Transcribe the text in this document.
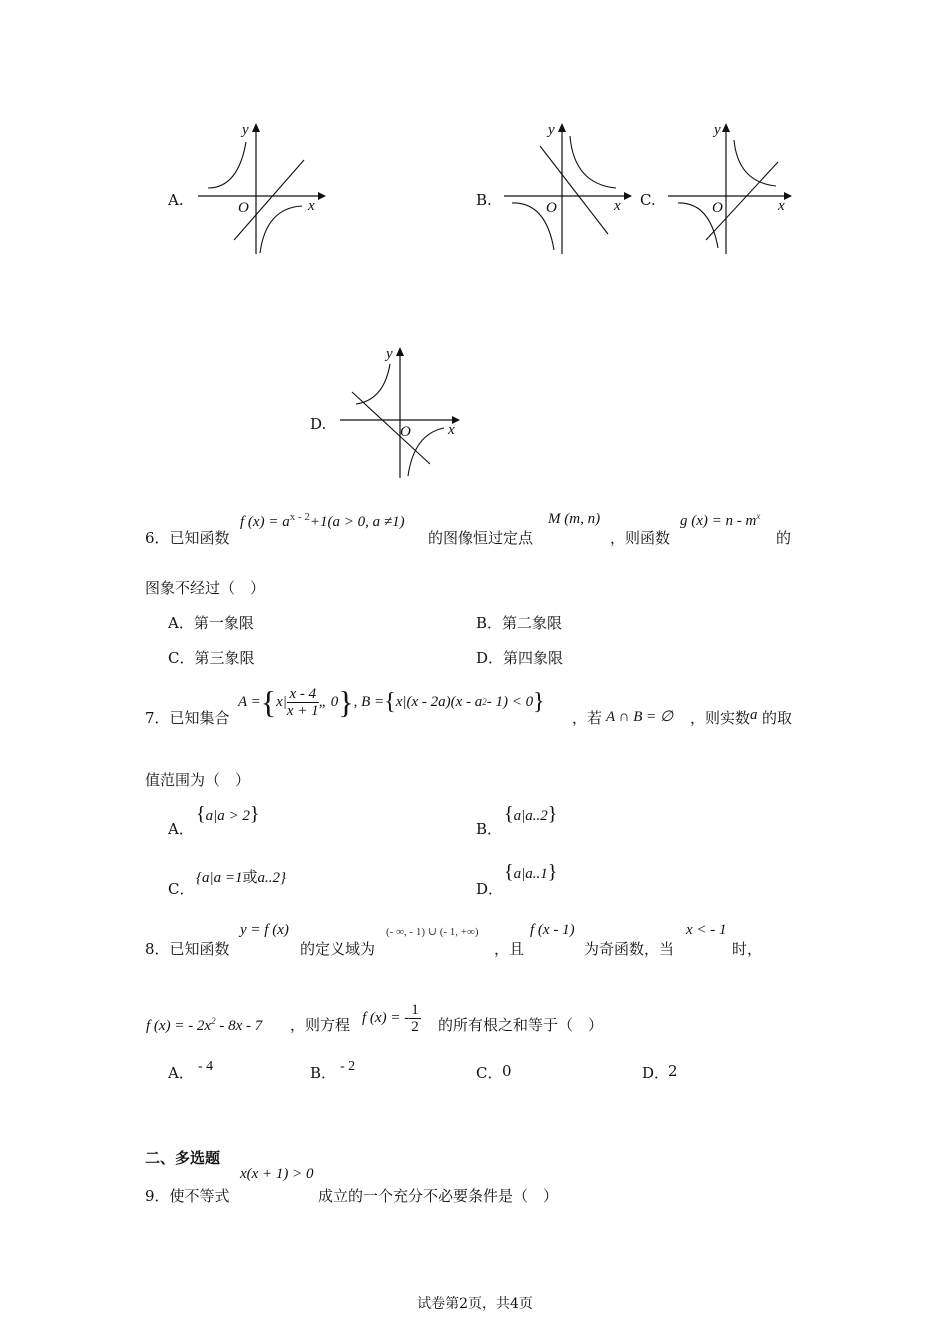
A.	O	x
y
B.	O	x
y
C.	O	x
y
D.	O x
y
6．已知函数
f $(x) = a^{x - 2}+1(a > 0$, a ≠1)
的图像恒过定点
M (m, n)
，则函数
g $(x) = n - m^x$
的
图象不经过（　）
A．第一象限	B．第二象限
C．第三象限	D．第四象限
7．已知集合
A = { $x| \frac{x - 4}{x + 1}$ „ 0 } , B = { x|(x - 2a)(x - a 2 - 1) < 0 }
，若 A ∩ B = ∅ ，则实数 a 的取
值范围为（　）
A．
{a|a > 2}
B．
{a|a..2}
C．
{a|a =1或a..2}
D．
{a|a..1}
8．已知函数
y = f (x)
的定义域为
(- ∞, - 1) ∪ (- 1, +∞)
，且
f (x - 1)
为奇函数，当
x < - 1
时，
f (x) = - $2x^2 - 8x - 7$ ，则方程 f (x) = - $\frac{1}{2}$ 的所有根之和等于（　）
A． - 4	B． - 2	C． 0	D．
2
二、多选题
9．使不等式
x(x + 1) > 0
成立的一个充分不必要条件是（　）
试卷第2页，共4页
